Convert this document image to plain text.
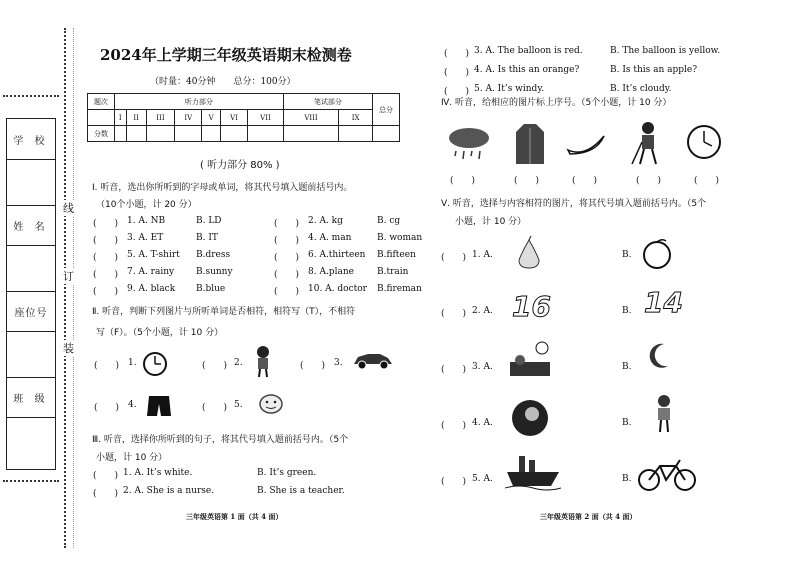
学 校
姓 名
座位号
班 级
线
订
装
2024年上学期三年级英语期末检测卷
（时量：40分钟　　总分：100分）
题次	听力部分							笔试部分		总分
	I	II	III	IV	V	VI	VII	VIII	IX	
分数										
( 听力部分 80% )
Ⅰ. 听音，选出你所听到的字母或单词，将其代号填入题前括号内。
（10个小题，计 20 分）
(　　) 1. A. NB	B. LD	(　　) 2. A. kg	B. cg
(　　) 3. A. ET	B. IT	(　　) 4. A. man	B. woman
(　　) 5. A. T-shirt B.dress	(　　) 6. A.thirteen B.fifteen
(　　) 7. A. rainy B.sunny	(　　) 8. A.plane	B.train
(　　) 9. A. black B.blue	(　　) 10. A. doctor B.fireman
Ⅱ. 听音，判断下列图片与所听单词是否相符，相符写（T），不相符
写（F）。（5个小题，计 10 分）
(　　) 1.	(　　) 2.	(　　) 3.
(　　) 4.	(　　) 5.
Ⅲ. 听音，选择你所听到的句子，将其代号填入题前括号内。（5个
小题，计 10 分）
(　　) 1. A. It’s white.	B. It’s green.
(　　) 2. A. She is a nurse.	B. She is a teacher.
(　　) 3. A. The balloon is red.	B. The balloon is yellow.
(　　) 4. A. Is this an orange?	B. Is this an apple?
(　　) 5. A. It’s windy.	B. It’s cloudy.
三年级英语第 1 面（共 4 面）
Ⅳ. 听音，给相应的图片标上序号。（5个小题，计 10 分）
(　　)	(　　)	(　　)	(　　)	(　　)
Ⅴ. 听音，选择与内容相符的图片，将其代号填入题前括号内。（5个
小题，计 10 分）
(　　) 1. A.	B.
(　　) 2. A.	B.
(　　) 3. A.	B.
(　　) 4. A.	B.
(　　) 5. A.	B.
16	14
三年级英语第 2 面（共 4 面）
